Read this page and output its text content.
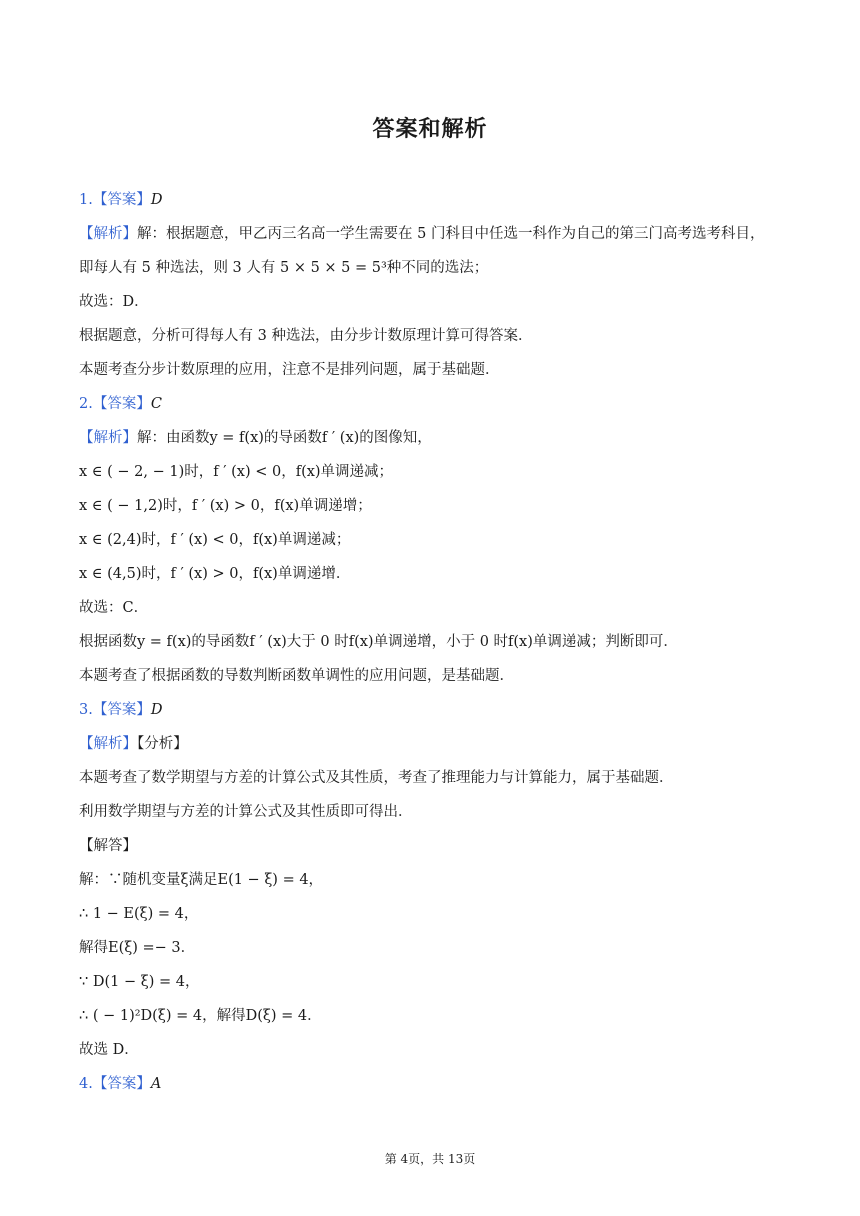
答案和解析
1.【答案】D
【解析】解：根据题意，甲乙丙三名高一学生需要在 5 门科目中任选一科作为自己的第三门高考选考科目，
即每人有 5 种选法，则 3 人有 5 × 5 × 5 = 5³种不同的选法；
故选：D．
根据题意，分析可得每人有 3 种选法，由分步计数原理计算可得答案．
本题考查分步计数原理的应用，注意不是排列问题，属于基础题．
2.【答案】C
【解析】解：由函数y = f(x)的导函数f ′ (x)的图像知，
x ∈ ( − 2, − 1)时，f ′ (x) < 0，f(x)单调递减；
x ∈ ( − 1,2)时，f ′ (x) > 0，f(x)单调递增；
x ∈ (2,4)时，f ′ (x) < 0，f(x)单调递减；
x ∈ (4,5)时，f ′ (x) > 0，f(x)单调递增．
故选：C．
根据函数y = f(x)的导函数f ′ (x)大于 0 时f(x)单调递增，小于 0 时f(x)单调递减；判断即可．
本题考查了根据函数的导数判断函数单调性的应用问题，是基础题．
3.【答案】D
【解析】【分析】
本题考查了数学期望与方差的计算公式及其性质，考查了推理能力与计算能力，属于基础题．
利用数学期望与方差的计算公式及其性质即可得出．
【解答】
解：∵随机变量ξ满足E(1 − ξ) = 4，
∴ 1 − E(ξ) = 4，
解得E(ξ) =− 3．
∵ D(1 − ξ) = 4，
∴ ( − 1)²D(ξ) = 4，解得D(ξ) = 4．
故选 D．
4.【答案】A
第 4页，共 13页
